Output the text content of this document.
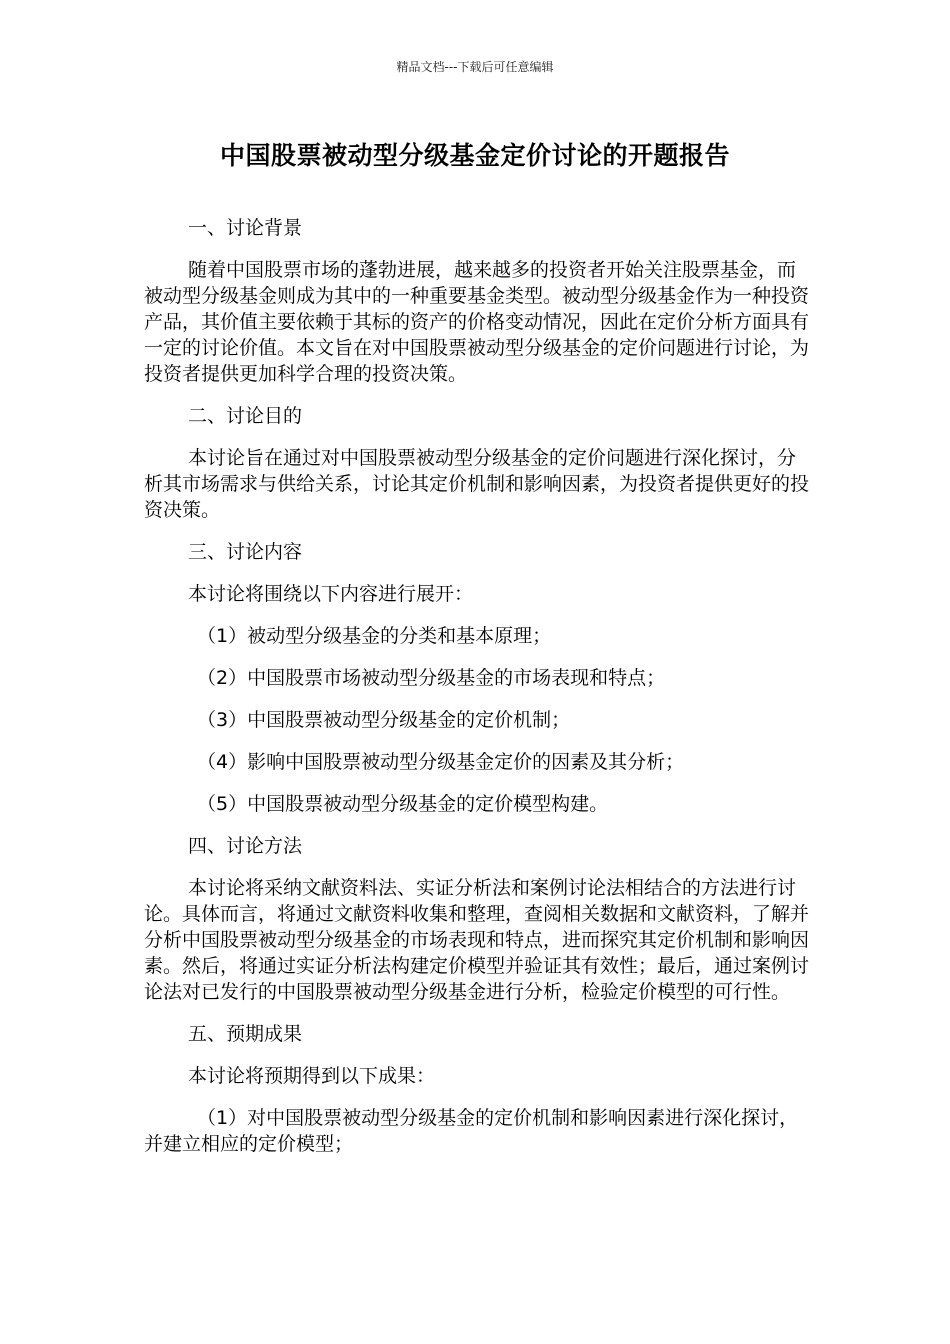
精品文档---下载后可任意编辑
中国股票被动型分级基金定价讨论的开题报告

一、讨论背景

随着中国股票市场的蓬勃进展，越来越多的投资者开始关注股票基金，而被动型分级基金则成为其中的一种重要基金类型。被动型分级基金作为一种投资产品，其价值主要依赖于其标的资产的价格变动情况，因此在定价分析方面具有一定的讨论价值。本文旨在对中国股票被动型分级基金的定价问题进行讨论，为投资者提供更加科学合理的投资决策。

二、讨论目的

本讨论旨在通过对中国股票被动型分级基金的定价问题进行深化探讨，分析其市场需求与供给关系，讨论其定价机制和影响因素，为投资者提供更好的投资决策。

三、讨论内容

本讨论将围绕以下内容进行展开：

（1）被动型分级基金的分类和基本原理；

（2）中国股票市场被动型分级基金的市场表现和特点；

（3）中国股票被动型分级基金的定价机制；

（4）影响中国股票被动型分级基金定价的因素及其分析；

（5）中国股票被动型分级基金的定价模型构建。

四、讨论方法

本讨论将采纳文献资料法、实证分析法和案例讨论法相结合的方法进行讨论。具体而言，将通过文献资料收集和整理，查阅相关数据和文献资料，了解并分析中国股票被动型分级基金的市场表现和特点，进而探究其定价机制和影响因素。然后，将通过实证分析法构建定价模型并验证其有效性；最后，通过案例讨论法对已发行的中国股票被动型分级基金进行分析，检验定价模型的可行性。

五、预期成果

本讨论将预期得到以下成果：

（1）对中国股票被动型分级基金的定价机制和影响因素进行深化探讨，并建立相应的定价模型；
